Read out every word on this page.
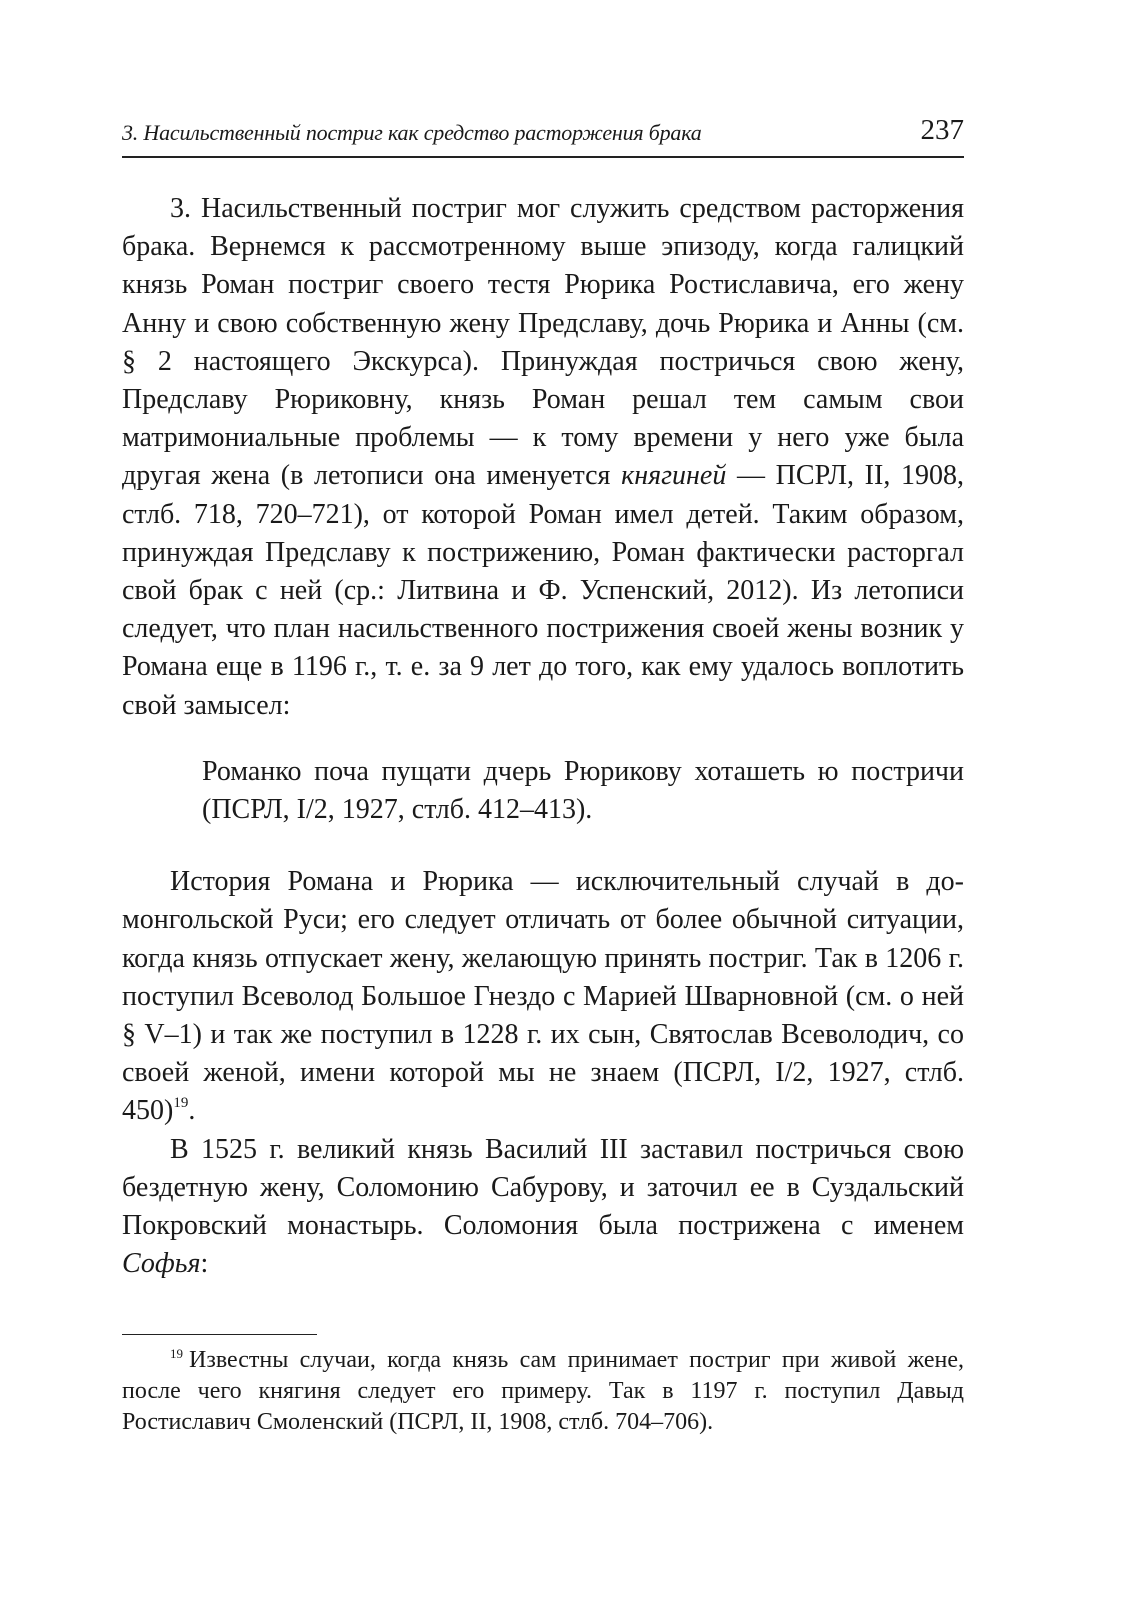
3. Насильственный постриг как средство расторжения брака	237

3. Насильственный постриг мог служить средством расторжения брака. Вернемся к рассмотренному выше эпизоду, когда галицкий князь Роман постриг своего тестя Рюрика Ростиславича, его жену Анну и свою собственную жену Предславу, дочь Рюрика и Анны (см. § 2 настоящего Экскурса). Принуждая постричься свою жену, Предславу Рюриковну, князь Роман решал тем самым свои матримониальные проблемы — к тому времени у него уже была другая жена (в летописи она именуется княгиней — ПСРЛ, II, 1908, стлб. 718, 720–721), от которой Роман имел детей. Таким образом, принуждая Предславу к пострижению, Роман фактически расторгал свой брак с ней (ср.: Литвина и Ф. Успенский, 2012). Из летописи следует, что план насильственного пострижения своей жены возник у Романа еще в 1196 г., т. е. за 9 лет до того, как ему удалось воплотить свой замысел:

Романко поча пущати дчерь Рюрикову хоташеть ю постричи (ПСРЛ, I/2, 1927, стлб. 412–413).

История Романа и Рюрика — исключительный случай в домонгольской Руси; его следует отличать от более обычной ситуации, когда князь отпускает жену, желающую принять постриг. Так в 1206 г. поступил Всеволод Большое Гнездо с Марией Шварновной (см. о ней § V–1) и так же поступил в 1228 г. их сын, Святослав Всеволодич, со своей женой, имени которой мы не знаем (ПСРЛ, I/2, 1927, стлб. 450)$^{19}$.

В 1525 г. великий князь Василий III заставил постричься свою бездетную жену, Соломонию Сабурову, и заточил ее в Суздальский Покровский монастырь. Соломония была пострижена с именем Софья:

$^{19}$ Известны случаи, когда князь сам принимает постриг при живой жене, после чего княгиня следует его примеру. Так в 1197 г. поступил Давыд Ростиславич Смоленский (ПСРЛ, II, 1908, стлб. 704–706).
